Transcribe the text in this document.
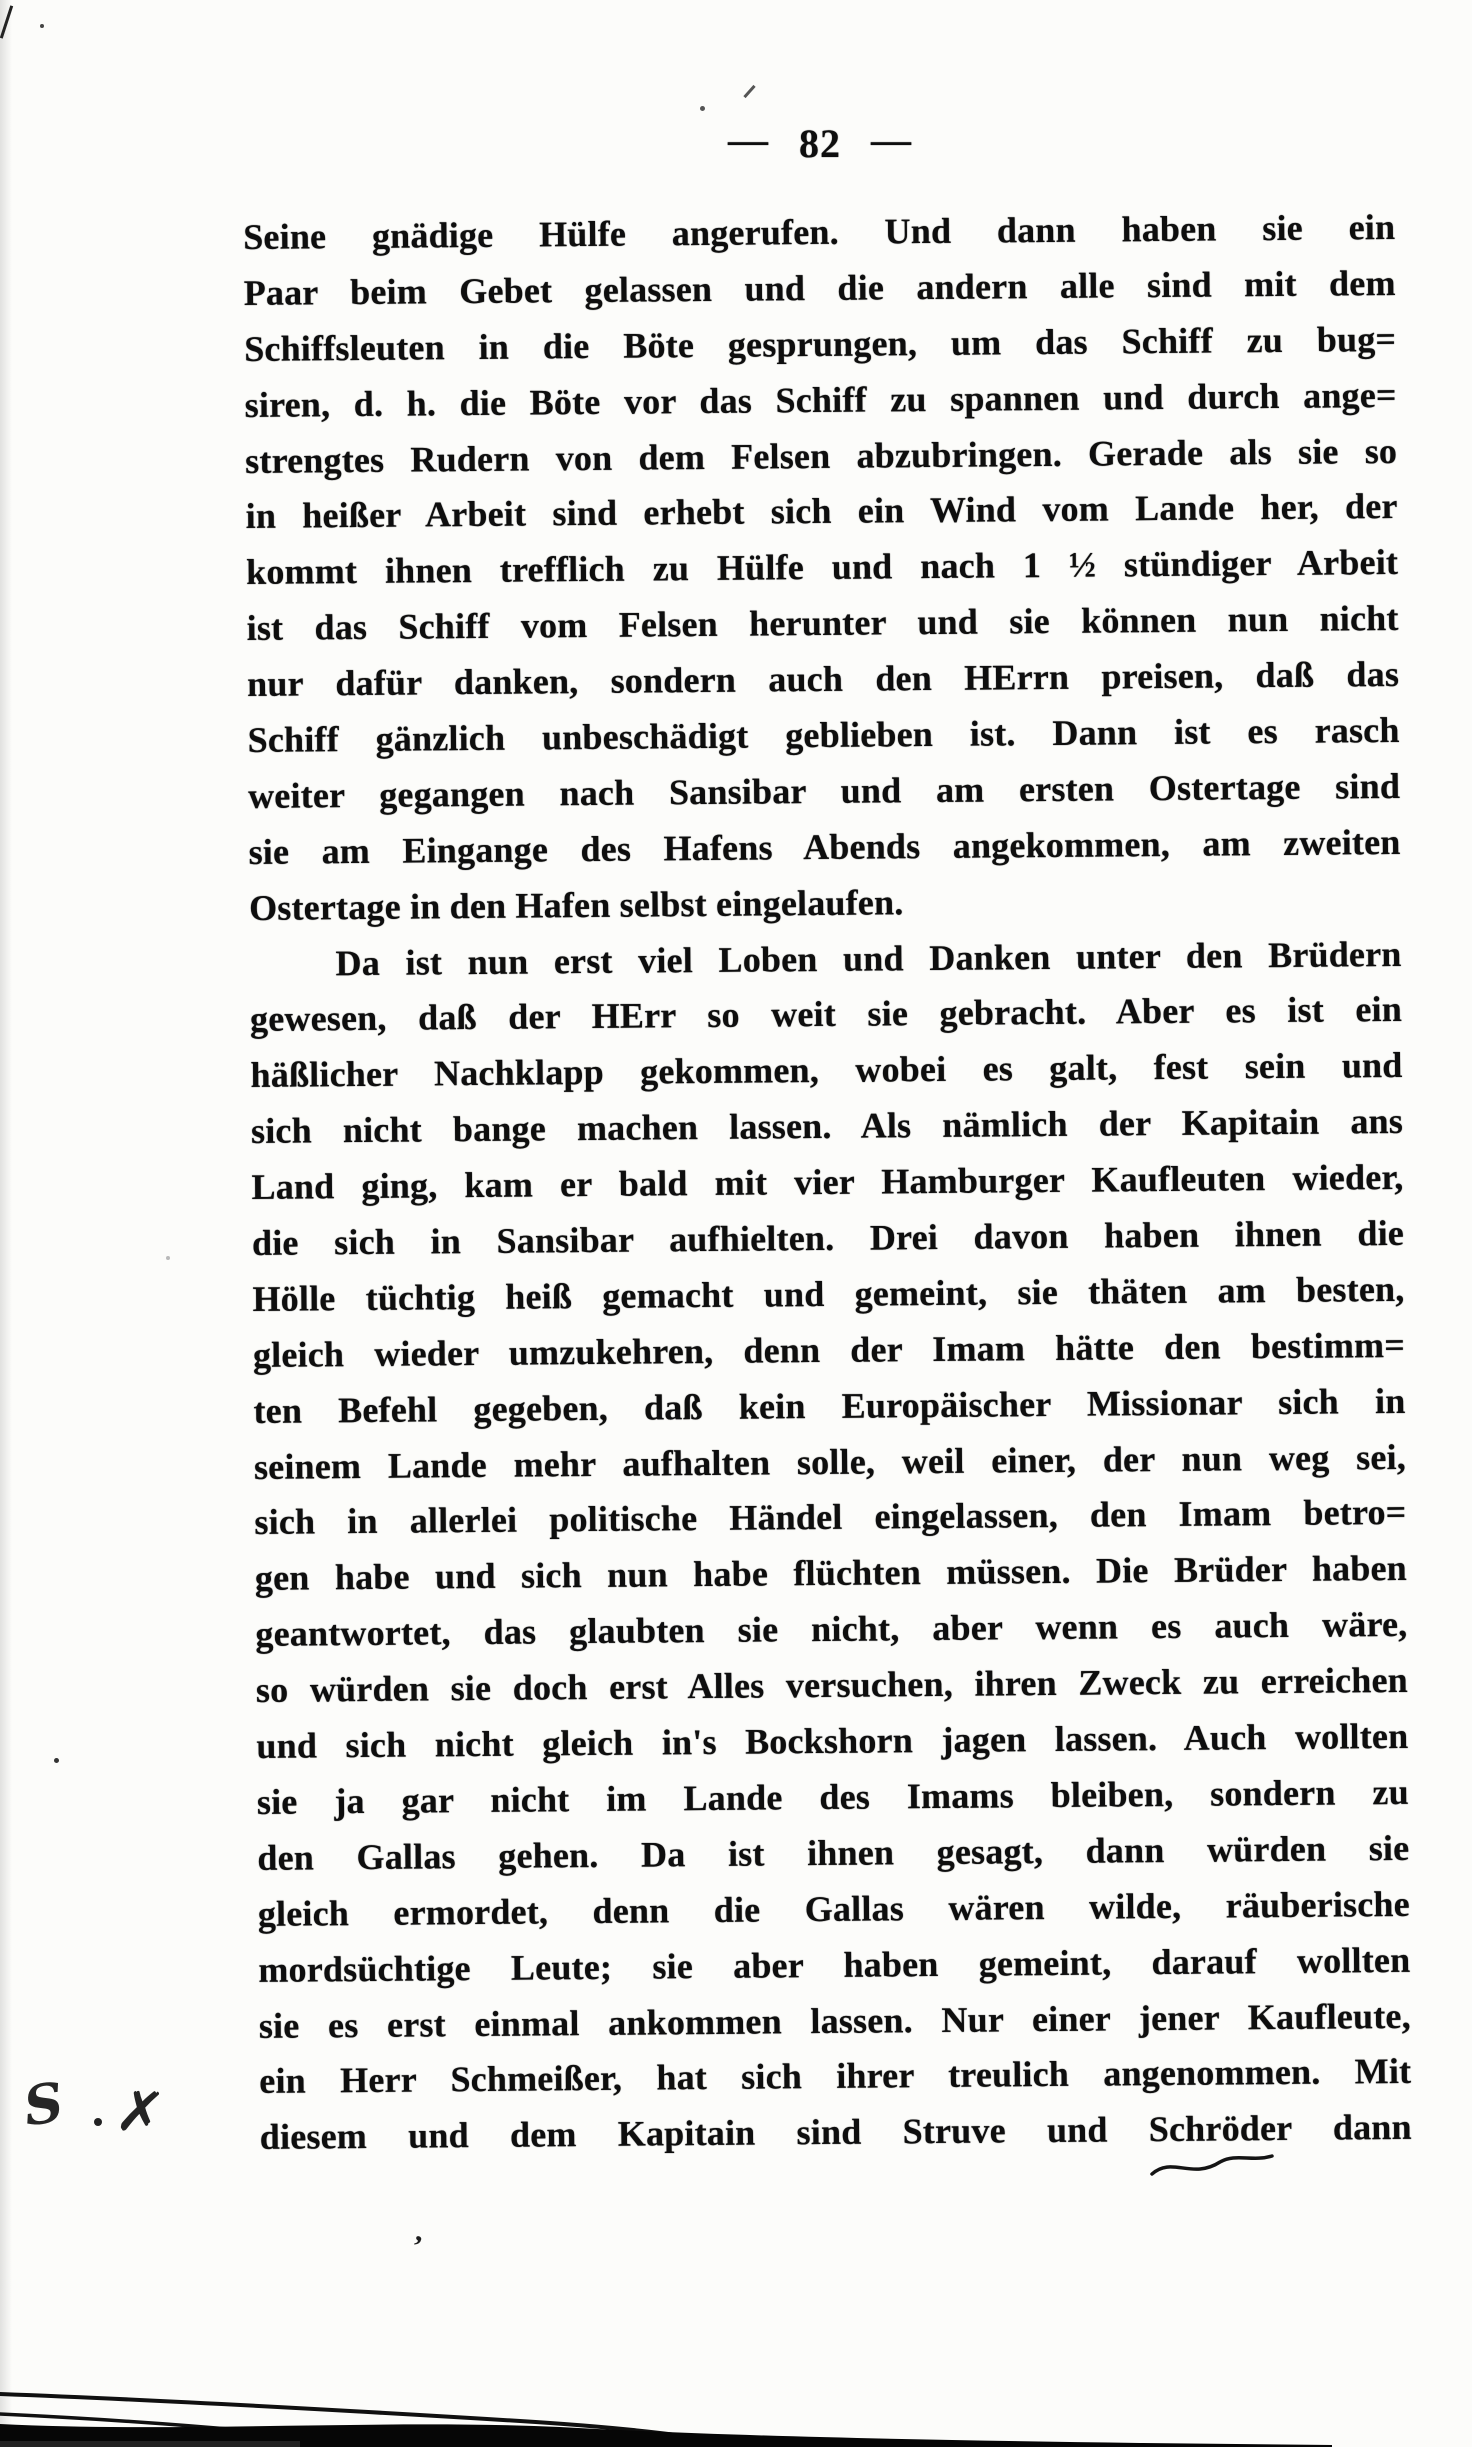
— 82 —
Seine gnädige Hülfe angerufen. Und dann haben sie ein
Paar beim Gebet gelassen und die andern alle sind mit dem
Schiffsleuten in die Böte gesprungen, um das Schiff zu bug=
siren, d. h. die Böte vor das Schiff zu spannen und durch ange=
strengtes Rudern von dem Felsen abzubringen. Gerade als sie so
in heißer Arbeit sind erhebt sich ein Wind vom Lande her, der
kommt ihnen trefflich zu Hülfe und nach 1 ½ stündiger Arbeit
ist das Schiff vom Felsen herunter und sie können nun nicht
nur dafür danken, sondern auch den HErrn preisen, daß das
Schiff gänzlich unbeschädigt geblieben ist. Dann ist es rasch
weiter gegangen nach Sansibar und am ersten Ostertage sind
sie am Eingange des Hafens Abends angekommen, am zweiten
Ostertage in den Hafen selbst eingelaufen.
Da ist nun erst viel Loben und Danken unter den Brüdern
gewesen, daß der HErr so weit sie gebracht. Aber es ist ein
häßlicher Nachklapp gekommen, wobei es galt, fest sein und
sich nicht bange machen lassen. Als nämlich der Kapitain ans
Land ging, kam er bald mit vier Hamburger Kaufleuten wieder,
die sich in Sansibar aufhielten. Drei davon haben ihnen die
Hölle tüchtig heiß gemacht und gemeint, sie thäten am besten,
gleich wieder umzukehren, denn der Imam hätte den bestimm=
ten Befehl gegeben, daß kein Europäischer Missionar sich in
seinem Lande mehr aufhalten solle, weil einer, der nun weg sei,
sich in allerlei politische Händel eingelassen, den Imam betro=
gen habe und sich nun habe flüchten müssen. Die Brüder haben
geantwortet, das glaubten sie nicht, aber wenn es auch wäre,
so würden sie doch erst Alles versuchen, ihren Zweck zu erreichen
und sich nicht gleich in's Bockshorn jagen lassen. Auch wollten
sie ja gar nicht im Lande des Imams bleiben, sondern zu
den Gallas gehen. Da ist ihnen gesagt, dann würden sie
gleich ermordet, denn die Gallas wären wilde, räuberische
mordsüchtige Leute; sie aber haben gemeint, darauf wollten
sie es erst einmal ankommen lassen. Nur einer jener Kaufleute,
ein Herr Schmeißer, hat sich ihrer treulich angenommen. Mit
diesem und dem Kapitain sind Struve und Schröder dann
S ✗
’
